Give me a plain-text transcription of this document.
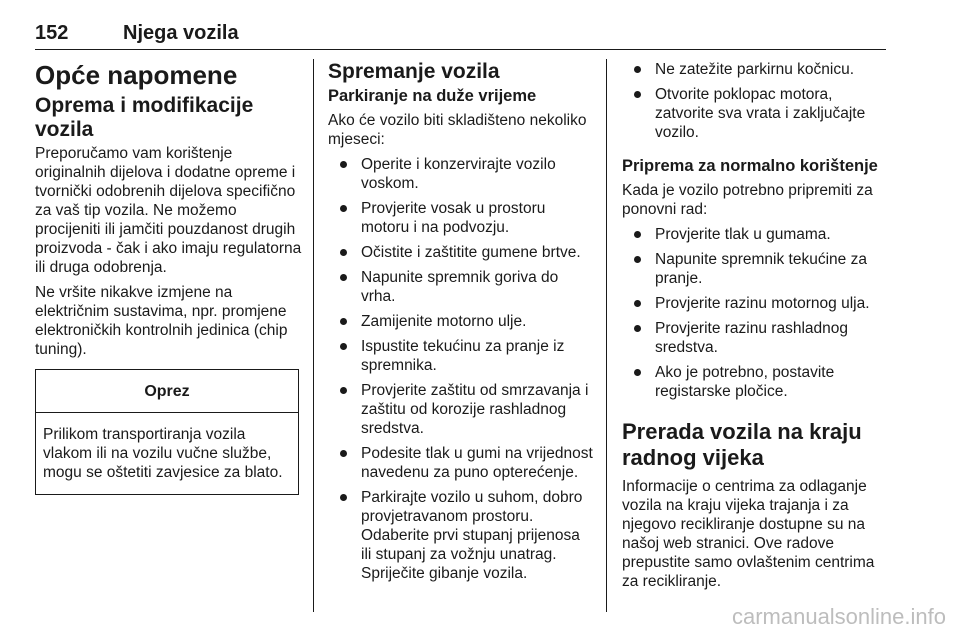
152	Njega vozila
Opće napomene
Oprema i modifikacije vozila

Preporučamo vam korištenje originalnih dijelova i dodatne opreme i tvornički odobrenih dijelova specifično za vaš tip vozila. Ne možemo procijeniti ili jamčiti pouzdanost drugih proizvoda - čak i ako imaju regulatorna ili druga odobrenja.

Ne vršite nikakve izmjene na električnim sustavima, npr. promjene elektroničkih kontrolnih jedinica (chip tuning).

Oprez
Prilikom transportiranja vozila vlakom ili na vozilu vučne službe, mogu se oštetiti zavjesice za blato.
Spremanje vozila
Parkiranje na duže vrijeme

Ako će vozilo biti skladišteno nekoliko mjeseci:

Operite i konzervirajte vozilo voskom.
Provjerite vosak u prostoru motoru i na podvozju.
Očistite i zaštitite gumene brtve.
Napunite spremnik goriva do vrha.
Zamijenite motorno ulje.
Ispustite tekućinu za pranje iz spremnika.
Provjerite zaštitu od smrzavanja i zaštitu od korozije rashladnog sredstva.
Podesite tlak u gumi na vrijednost navedenu za puno opterećenje.
Parkirajte vozilo u suhom, dobro provjetravanom prostoru. Odaberite prvi stupanj prijenosa ili stupanj za vožnju unatrag. Spriječite gibanje vozila.
Ne zatežite parkirnu kočnicu.
Otvorite poklopac motora, zatvorite sva vrata i zaključajte vozilo.
Priprema za normalno korištenje

Kada je vozilo potrebno pripremiti za ponovni rad:

Provjerite tlak u gumama.
Napunite spremnik tekućine za pranje.
Provjerite razinu motornog ulja.
Provjerite razinu rashladnog sredstva.
Ako je potrebno, postavite registarske pločice.
Prerada vozila na kraju radnog vijeka

Informacije o centrima za odlaganje vozila na kraju vijeka trajanja i za njegovo recikliranje dostupne su na našoj web stranici. Ove radove prepustite samo ovlaštenim centrima za recikliranje.

carmanualsonline.info
